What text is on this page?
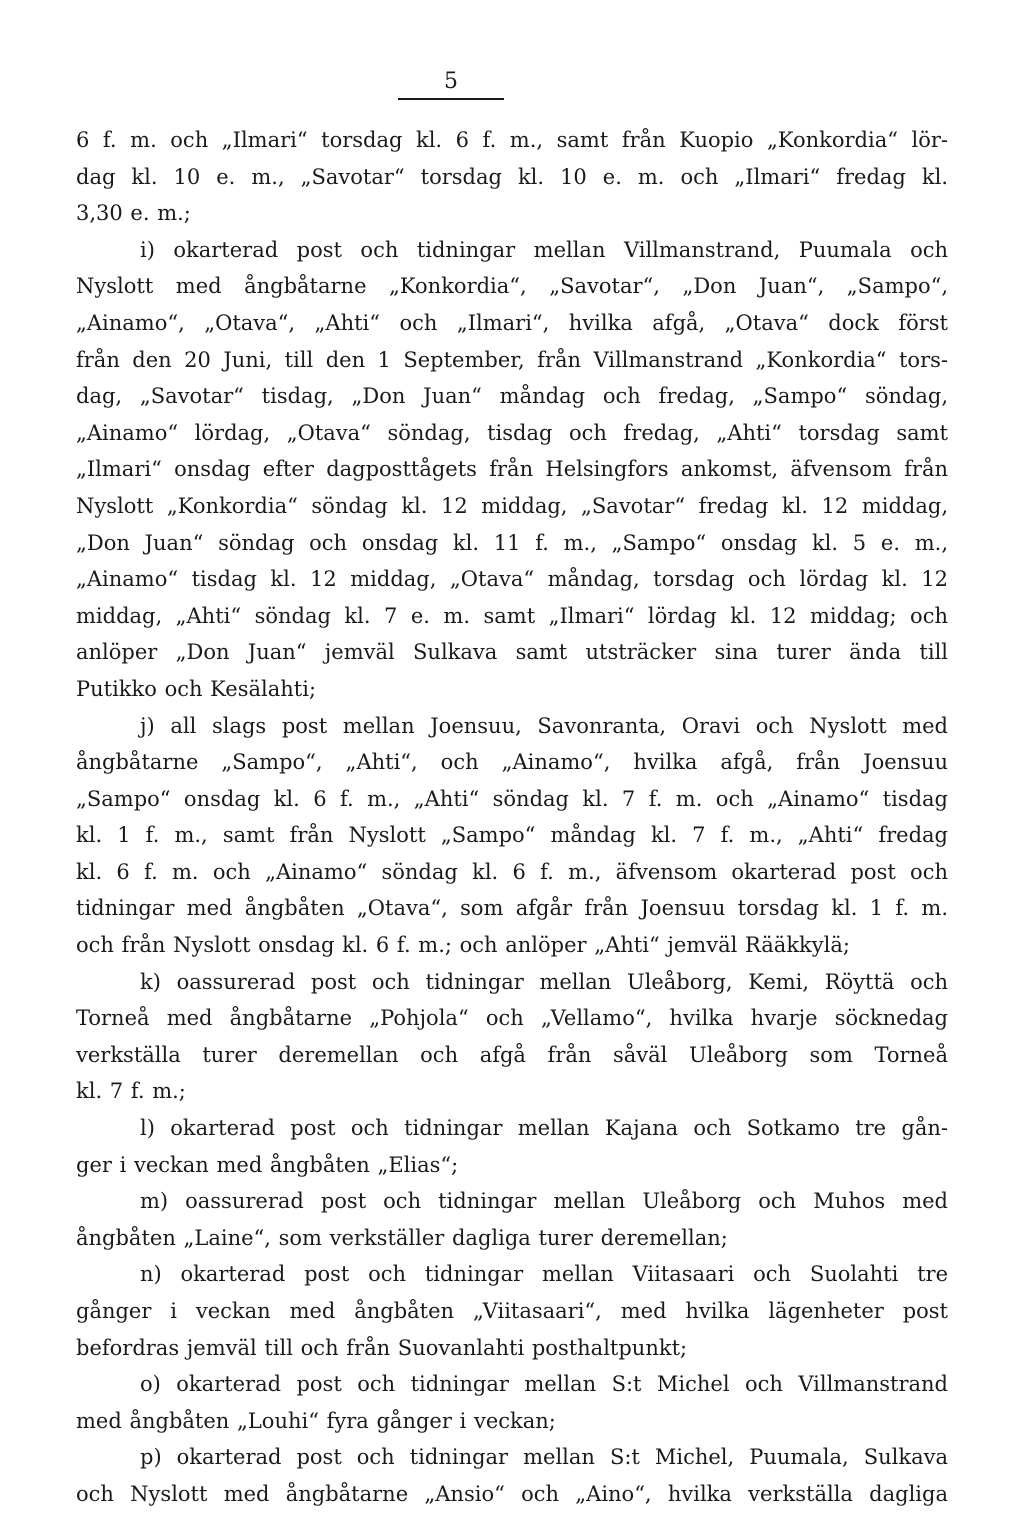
5
6 f. m. och „Ilmari“ torsdag kl. 6 f. m., samt från Kuopio „Konkordia“ lör-
dag kl. 10 e. m., „Savotar“ torsdag kl. 10 e. m. och „Ilmari“ fredag kl.
3,30 e. m.;
i) okarterad post och tidningar mellan Villmanstrand, Puumala och
Nyslott med ångbåtarne „Konkordia“, „Savotar“, „Don Juan“, „Sampo“,
„Ainamo“, „Otava“, „Ahti“ och „Ilmari“, hvilka afgå, „Otava“ dock först
från den 20 Juni, till den 1 September, från Villmanstrand „Konkordia“ tors-
dag, „Savotar“ tisdag, „Don Juan“ måndag och fredag, „Sampo“ söndag,
„Ainamo“ lördag, „Otava“ söndag, tisdag och fredag, „Ahti“ torsdag samt
„Ilmari“ onsdag efter dagposttågets från Helsingfors ankomst, äfvensom från
Nyslott „Konkordia“ söndag kl. 12 middag, „Savotar“ fredag kl. 12 middag,
„Don Juan“ söndag och onsdag kl. 11 f. m., „Sampo“ onsdag kl. 5 e. m.,
„Ainamo“ tisdag kl. 12 middag, „Otava“ måndag, torsdag och lördag kl. 12
middag, „Ahti“ söndag kl. 7 e. m. samt „Ilmari“ lördag kl. 12 middag; och
anlöper „Don Juan“ jemväl Sulkava samt utsträcker sina turer ända till
Putikko och Kesälahti;
j) all slags post mellan Joensuu, Savonranta, Oravi och Nyslott med
ångbåtarne „Sampo“, „Ahti“, och „Ainamo“, hvilka afgå, från Joensuu
„Sampo“ onsdag kl. 6 f. m., „Ahti“ söndag kl. 7 f. m. och „Ainamo“ tisdag
kl. 1 f. m., samt från Nyslott „Sampo“ måndag kl. 7 f. m., „Ahti“ fredag
kl. 6 f. m. och „Ainamo“ söndag kl. 6 f. m., äfvensom okarterad post och
tidningar med ångbåten „Otava“, som afgår från Joensuu torsdag kl. 1 f. m.
och från Nyslott onsdag kl. 6 f. m.; och anlöper „Ahti“ jemväl Rääkkylä;
k) oassurerad post och tidningar mellan Uleåborg, Kemi, Röyttä och
Torneå med ångbåtarne „Pohjola“ och „Vellamo“, hvilka hvarje söcknedag
verkställa turer deremellan och afgå från såväl Uleåborg som Torneå
kl. 7 f. m.;
l) okarterad post och tidningar mellan Kajana och Sotkamo tre gån-
ger i veckan med ångbåten „Elias“;
m) oassurerad post och tidningar mellan Uleåborg och Muhos med
ångbåten „Laine“, som verkställer dagliga turer deremellan;
n) okarterad post och tidningar mellan Viitasaari och Suolahti tre
gånger i veckan med ångbåten „Viitasaari“, med hvilka lägenheter post
befordras jemväl till och från Suovanlahti posthaltpunkt;
o) okarterad post och tidningar mellan S:t Michel och Villmanstrand
med ångbåten „Louhi“ fyra gånger i veckan;
p) okarterad post och tidningar mellan S:t Michel, Puumala, Sulkava
och Nyslott med ångbåtarne „Ansio“ och „Aino“, hvilka verkställa dagliga
